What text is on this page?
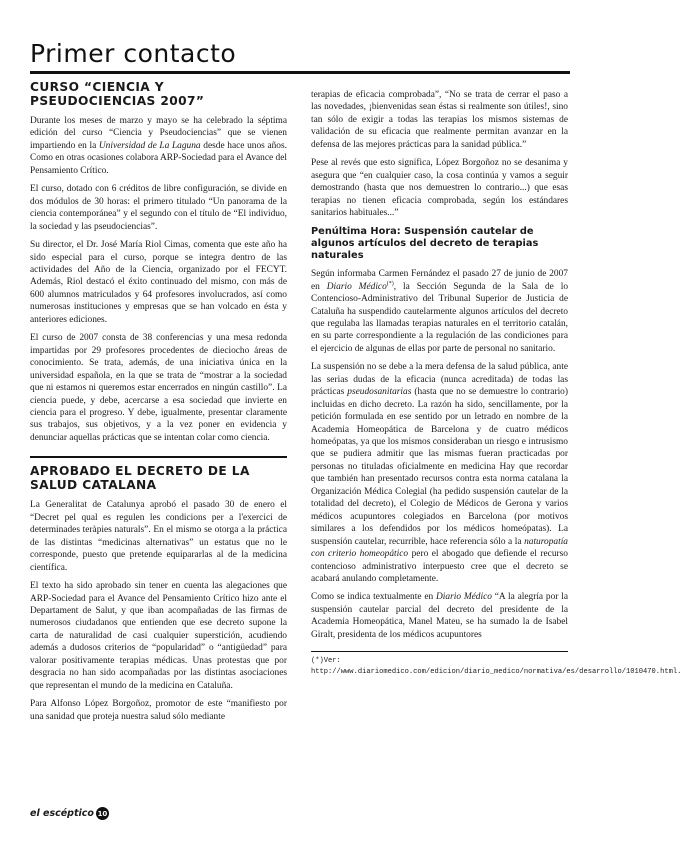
Primer contacto
CURSO “CIENCIA Y PSEUDOCIENCIAS 2007”

Durante los meses de marzo y mayo se ha celebrado la séptima edición del curso “Ciencia y Pseudociencias” que se vienen impartiendo en la Universidad de La Laguna desde hace unos años. Como en otras ocasiones colabora ARP-Sociedad para el Avance del Pensamiento Crítico.

El curso, dotado con 6 créditos de libre configuración, se divide en dos módulos de 30 horas: el primero titulado “Un panorama de la ciencia contemporánea” y el segundo con el título de “El individuo, la sociedad y las pseudociencias”.

Su director, el Dr. José María Riol Cimas, comenta que este año ha sido especial para el curso, porque se integra dentro de las actividades del Año de la Ciencia, organizado por el FECYT. Además, Riol destacó el éxito continuado del mismo, con más de 600 alumnos matriculados y 64 profesores involucrados, así como numerosas instituciones y empresas que se han volcado en ésta y anteriores ediciones.

El curso de 2007 consta de 38 conferencias y una mesa redonda impartidas por 29 profesores procedentes de dieciocho áreas de conocimiento. Se trata, además, de una iniciativa única en la universidad española, en la que se trata de “mostrar a la sociedad que ni estamos ni queremos estar encerrados en ningún castillo”. La ciencia puede, y debe, acercarse a esa sociedad que invierte en ciencia para el progreso. Y debe, igualmente, presentar claramente sus trabajos, sus objetivos, y a la vez poner en evidencia y denunciar aquellas prácticas que se intentan colar como ciencia.

APROBADO EL DECRETO DE LA SALUD CATALANA

La Generalitat de Catalunya aprobó el pasado 30 de enero el “Decret pel qual es regulen les condicions per a l'exercici de determinades teràpies naturals”. En el mismo se otorga a la práctica de las distintas “medicinas alternativas” un estatus que no le corresponde, puesto que pretende equipararlas al de la medicina científica.

El texto ha sido aprobado sin tener en cuenta las alegaciones que ARP-Sociedad para el Avance del Pensamiento Crítico hizo ante el Departament de Salut, y que iban acompañadas de las firmas de numerosos ciudadanos que entienden que ese decreto supone la carta de naturalidad de casi cualquier superstición, acudiendo además a dudosos criterios de “popularidad” o “antigüedad” para valorar positivamente terapias médicas. Unas protestas que por desgracia no han sido acompañadas por las distintas asociaciones que representan el mundo de la medicina en Cataluña.

Para Alfonso López Borgoñoz, promotor de este “manifiesto por una sanidad que proteja nuestra salud sólo mediante

terapias de eficacia comprobada”, “No se trata de cerrar el paso a las novedades, ¡bienvenidas sean éstas si realmente son útiles!, sino tan sólo de exigir a todas las terapias los mismos sistemas de validación de su eficacia que realmente permitan avanzar en la defensa de las mejores prácticas para la sanidad pública.”

Pese al revés que esto significa, López Borgoñoz no se desanima y asegura que “en cualquier caso, la cosa continúa y vamos a seguir demostrando (hasta que nos demuestren lo contrario...) que esas terapias no tienen eficacia comprobada, según los estándares sanitarios habituales...”

Penúltima Hora: Suspensión cautelar de algunos artículos del decreto de terapias naturales

Según informaba Carmen Fernández el pasado 27 de junio de 2007 en Diario Médico(*), la Sección Segunda de la Sala de lo Contencioso-Administrativo del Tribunal Superior de Justicia de Cataluña ha suspendido cautelarmente algunos artículos del decreto que regulaba las llamadas terapias naturales en el territorio catalán, en su parte correspondiente a la regulación de las condiciones para el ejercicio de algunas de ellas por parte de personal no sanitario.

La suspensión no se debe a la mera defensa de la salud pública, ante las serias dudas de la eficacia (nunca acreditada) de todas las prácticas pseudosanitarias (hasta que no se demuestre lo contrario) incluidas en dicho decreto. La razón ha sido, sencillamente, por la petición formulada en ese sentido por un letrado en nombre de la Academia Homeopática de Barcelona y de cuatro médicos homeópatas, ya que los mismos consideraban un riesgo e intrusismo que se pudiera admitir que las mismas fueran practicadas por personas no tituladas oficialmente en medicina Hay que recordar que también han presentado recursos contra esta norma catalana la Organización Médica Colegial (ha pedido suspensión cautelar de la totalidad del decreto), el Colegio de Médicos de Gerona y varios médicos acupuntores colegiados en Barcelona (por motivos similares a los defendidos por los médicos homeópatas). La suspensión cautelar, recurrible, hace referencia sólo a la naturopatía con criterio homeopático pero el abogado que defiende el recurso contencioso administrativo interpuesto cree que el decreto se acabará anulando completamente.

Como se indica textualmente en Diario Médico “A la alegría por la suspensión cautelar parcial del decreto del presidente de la Academia Homeopática, Manel Mateu, se ha sumado la de Isabel Giralt, presidenta de los médicos acupuntores

(*)Ver: http://www.diariomedico.com/edicion/diario_medico/normativa/es/desarrollo/1010470.html.
el escéptico 10
